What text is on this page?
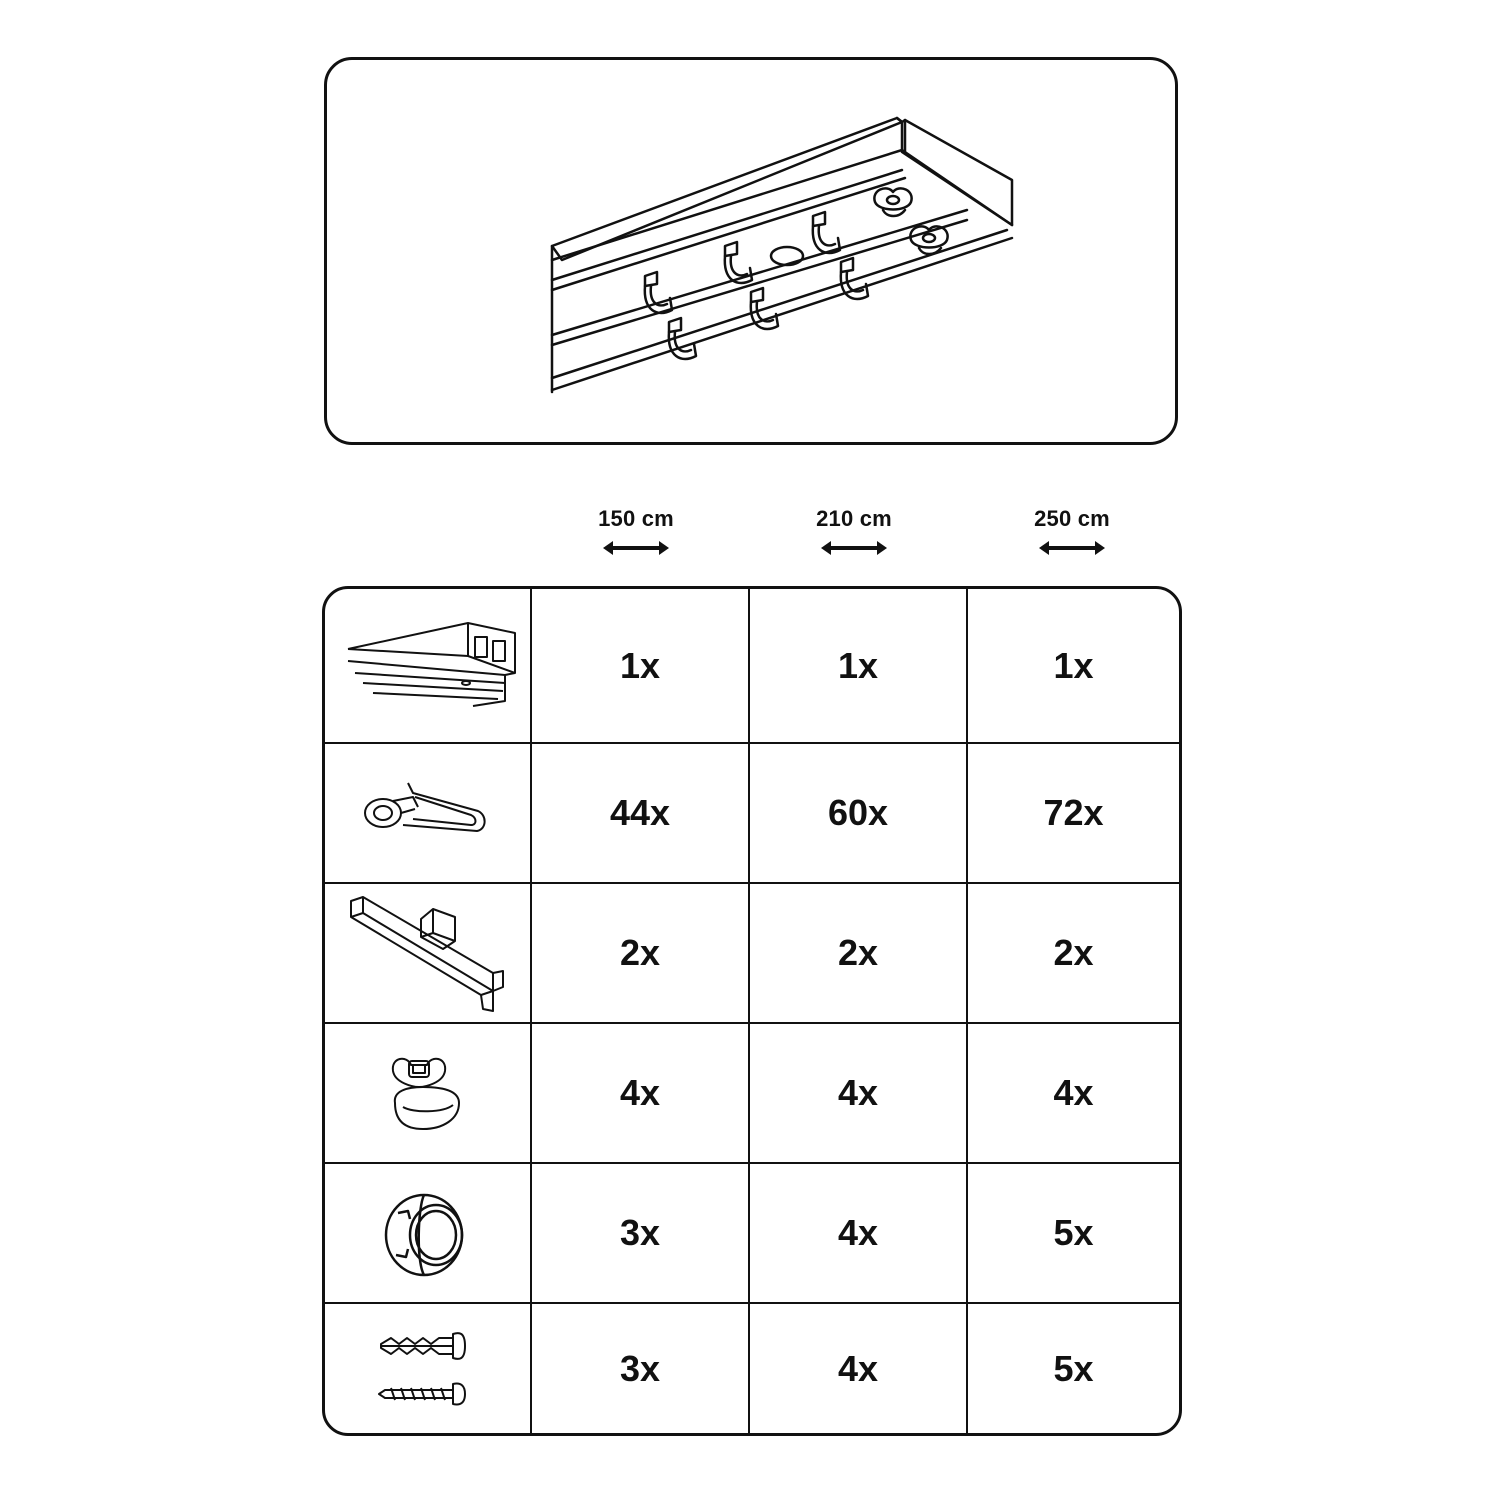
150 cm	210 cm	250 cm
1x	1x	1x
44x	60x	72x
2x	2x	2x
4x	4x	4x
3x	4x	5x
3x	4x	5x
